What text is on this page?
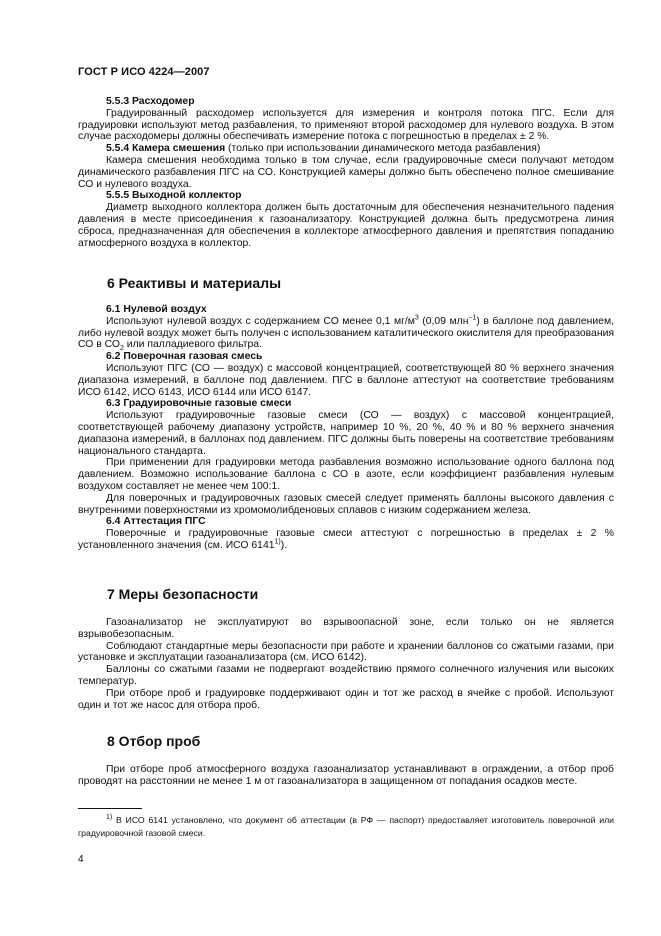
ГОСТ Р ИСО 4224—2007

5.5.3 Расходомер

Градуированный расходомер используется для измерения и контроля потока ПГС. Если для градуировки используют метод разбавления, то применяют второй расходомер для нулевого воздуха. В этом случае расходомеры должны обеспечивать измерение потока с погрешностью в пределах ± 2 %.

5.5.4 Камера смешения (только при использовании динамического метода разбавления)

Камера смешения необходима только в том случае, если градуировочные смеси получают методом динамического разбавления ПГС на СО. Конструкцией камеры должно быть обеспечено полное смешивание СО и нулевого воздуха.

5.5.5 Выходной коллектор

Диаметр выходного коллектора должен быть достаточным для обеспечения незначительного падения давления в месте присоединения к газоанализатору. Конструкцией должна быть предусмотрена линия сброса, предназначенная для обеспечения в коллекторе атмосферного давления и препятствия попаданию атмосферного воздуха в коллектор.

6 Реактивы и материалы

6.1 Нулевой воздух

Используют нулевой воздух с содержанием СО менее 0,1 $мг/м^3$ (0,09 млн$^{-1}$) в баллоне под давлением, либо нулевой воздух может быть получен с использованием каталитического окислителя для преобразования СО в $СО_2$ или палладиевого фильтра.

6.2 Поверочная газовая смесь

Используют ПГС (СО — воздух) с массовой концентрацией, соответствующей 80 % верхнего значения диапазона измерений, в баллоне под давлением. ПГС в баллоне аттестуют на соответствие требованиям ИСО 6142, ИСО 6143, ИСО 6144 или ИСО 6147.

6.3 Градуировочные газовые смеси

Используют градуировочные газовые смеси (СО — воздух) с массовой концентрацией, соответствующей рабочему диапазону устройств, например 10 %, 20 %, 40 % и 80 % верхнего значения диапазона измерений, в баллонах под давлением. ПГС должны быть поверены на соответствие требованиям национального стандарта.

При применении для градуировки метода разбавления возможно использование одного баллона под давлением. Возможно использование баллона с СО в азоте, если коэффициент разбавления нулевым воздухом составляет не менее чем 100:1.

Для поверочных и градуировочных газовых смесей следует применять баллоны высокого давления с внутренними поверхностями из хромомолибденовых сплавов с низким содержанием железа.

6.4 Аттестация ПГС

Поверочные и градуировочные газовые смеси аттестуют с погрешностью в пределах ± 2 % установленного значения (см. ИСО 6141$^{1)}$).

7 Меры безопасности

Газоанализатор не эксплуатируют во взрывоопасной зоне, если только он не является взрывобезопасным.

Соблюдают стандартные меры безопасности при работе и хранении баллонов со сжатыми газами, при установке и эксплуатации газоанализатора (см. ИСО 6142).

Баллоны со сжатыми газами не подвергают воздействию прямого солнечного излучения или высоких температур.

При отборе проб и градуировке поддерживают один и тот же расход в ячейке с пробой. Используют один и тот же насос для отбора проб.

8 Отбор проб

При отборе проб атмосферного воздуха газоанализатор устанавливают в ограждении, а отбор проб проводят на расстоянии не менее 1 м от газоанализатора в защищенном от попадания осадков месте.

$^{1)}$ В ИСО 6141 установлено, что документ об аттестации (в РФ — паспорт) предоставляет изготовитель поверочной или градуировочной газовой смеси.

4
